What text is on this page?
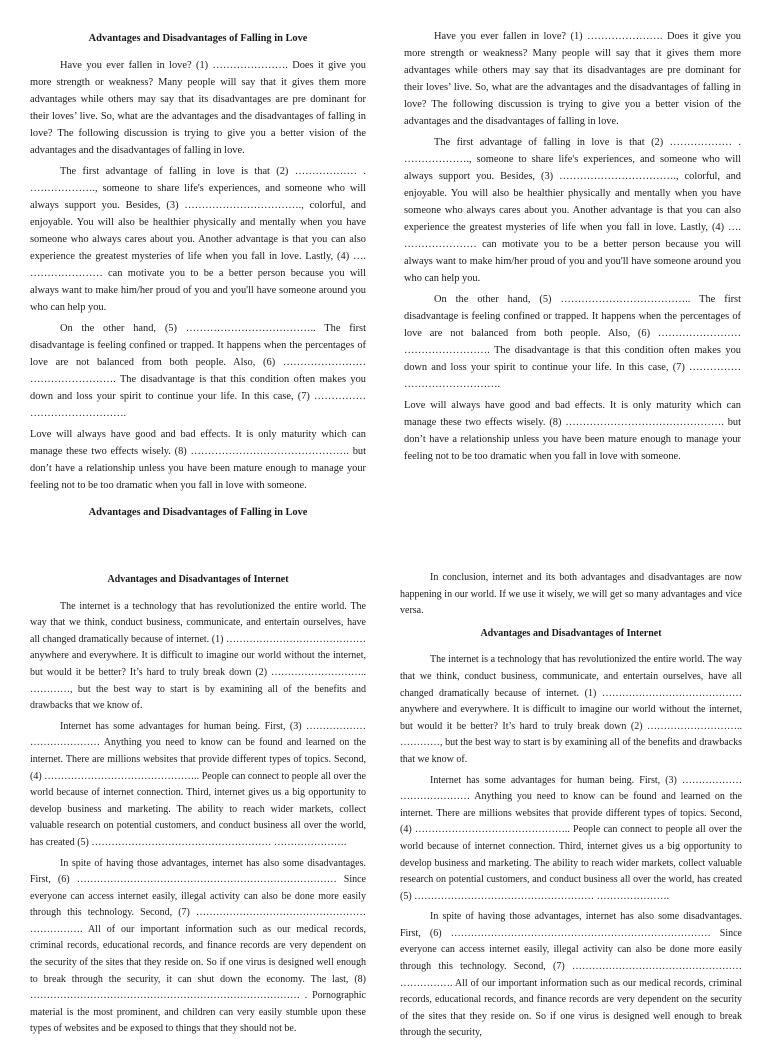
Advantages and Disadvantages of Falling in Love

Have you ever fallen in love? (1) …………………. Does it give you more strength or weakness? Many people will say that it gives them more advantages while others may say that its disadvantages are pre dominant for their loves’ live. So, what are the advantages and the disadvantages of falling in love? The following discussion is trying to give you a better vision of the advantages and the disadvantages of falling in love.

The first advantage of falling in love is that (2) ……………… . ………………., someone to share life's experiences, and someone who will always support you. Besides, (3) ……………………………., colorful, and enjoyable. You will also be healthier physically and mentally when you have someone who always cares about you. Another advantage is that you can also experience the greatest mysteries of life when you fall in love. Lastly, (4) …. ………………… can motivate you to be a better person because you will always want to make him/her proud of you and you'll have someone around you who can help you.

On the other hand, (5) ……………………………….. The first disadvantage is feeling confined or trapped. It happens when the percentages of love are not balanced from both people. Also, (6) …………………… ……………………. The disadvantage is that this condition often makes you down and loss your spirit to continue your life. In this case, (7) …………… ……………………….

Love will always have good and bad effects. It is only maturity which can manage these two effects wisely. (8) ………………………………………. but don’t have a relationship unless you have been mature enough to manage your feeling not to be too dramatic when you fall in love with someone.

Advantages and Disadvantages of Falling in Love

Have you ever fallen in love? (1) …………………. Does it give you more strength or weakness? Many people will say that it gives them more advantages while others may say that its disadvantages are pre dominant for their loves’ live. So, what are the advantages and the disadvantages of falling in love? The following discussion is trying to give you a better vision of the advantages and the disadvantages of falling in love.

The first advantage of falling in love is that (2) ……………… . ………………., someone to share life's experiences, and someone who will always support you. Besides, (3) ……………………………., colorful, and enjoyable. You will also be healthier physically and mentally when you have someone who always cares about you. Another advantage is that you can also experience the greatest mysteries of life when you fall in love. Lastly, (4) …. ………………… can motivate you to be a better person because you will always want to make him/her proud of you and you'll have someone around you who can help you.

On the other hand, (5) ……………………………….. The first disadvantage is feeling confined or trapped. It happens when the percentages of love are not balanced from both people. Also, (6) …………………… ……………………. The disadvantage is that this condition often makes you down and loss your spirit to continue your life. In this case, (7) …………… ……………………….

Love will always have good and bad effects. It is only maturity which can manage these two effects wisely. (8) ………………………………………. but don’t have a relationship unless you have been mature enough to manage your feeling not to be too dramatic when you fall in love with someone.

Advantages and Disadvantages of Internet

The internet is a technology that has revolutionized the entire world. The way that we think, conduct business, communicate, and entertain ourselves, have all changed dramatically because of internet. (1) …………………………………… anywhere and everywhere. It is difficult to imagine our world without the internet, but would it be better? It’s hard to truly break down (2) ……………………….. …………, but the best way to start is by examining all of the benefits and drawbacks that we know of.

Internet has some advantages for human being. First, (3) ……………… ………………… Anything you need to know can be found and learned on the internet. There are millions websites that provide different types of topics. Second, (4) ……………………………………….. People can connect to people all over the world because of internet connection. Third, internet gives us a big opportunity to develop business and marketing. The ability to reach wider markets, collect valuable research on potential customers, and conduct business all over the world, has created (5) ……………………………………………… ………………….

In spite of having those advantages, internet has also some disadvantages. First, (6) …………………………………………………………………… Since everyone can access internet easily, illegal activity can also be done more easily through this technology. Second, (7) …………………………………………… ……………. All of our important information such as our medical records, criminal records, educational records, and finance records are very dependent on the security of the sites that they reside on. So if one virus is designed well enough to break through the security, it can shut down the economy. The last, (8) ……………………………………………………………………… . Pornographic material is the most prominent, and children can very easily stumble upon these types of websites and be exposed to things that they should not be.

In conclusion, internet and its both advantages and disadvantages are now happening in our world. If we use it wisely, we will get so many advantages and vice versa.

Advantages and Disadvantages of Internet

The internet is a technology that has revolutionized the entire world. The way that we think, conduct business, communicate, and entertain ourselves, have all changed dramatically because of internet. (1) …………………………………… anywhere and everywhere. It is difficult to imagine our world without the internet, but would it be better? It’s hard to truly break down (2) ……………………….. …………, but the best way to start is by examining all of the benefits and drawbacks that we know of.

Internet has some advantages for human being. First, (3) ……………… ………………… Anything you need to know can be found and learned on the internet. There are millions websites that provide different types of topics. Second, (4) ……………………………………….. People can connect to people all over the world because of internet connection. Third, internet gives us a big opportunity to develop business and marketing. The ability to reach wider markets, collect valuable research on potential customers, and conduct business all over the world, has created (5) ……………………………………………… ………………….

In spite of having those advantages, internet has also some disadvantages. First, (6) …………………………………………………………………… Since everyone can access internet easily, illegal activity can also be done more easily through this technology. Second, (7) …………………………………………… ……………. All of our important information such as our medical records, criminal records, educational records, and finance records are very dependent on the security of the sites that they reside on. So if one virus is designed well enough to break through the security,
